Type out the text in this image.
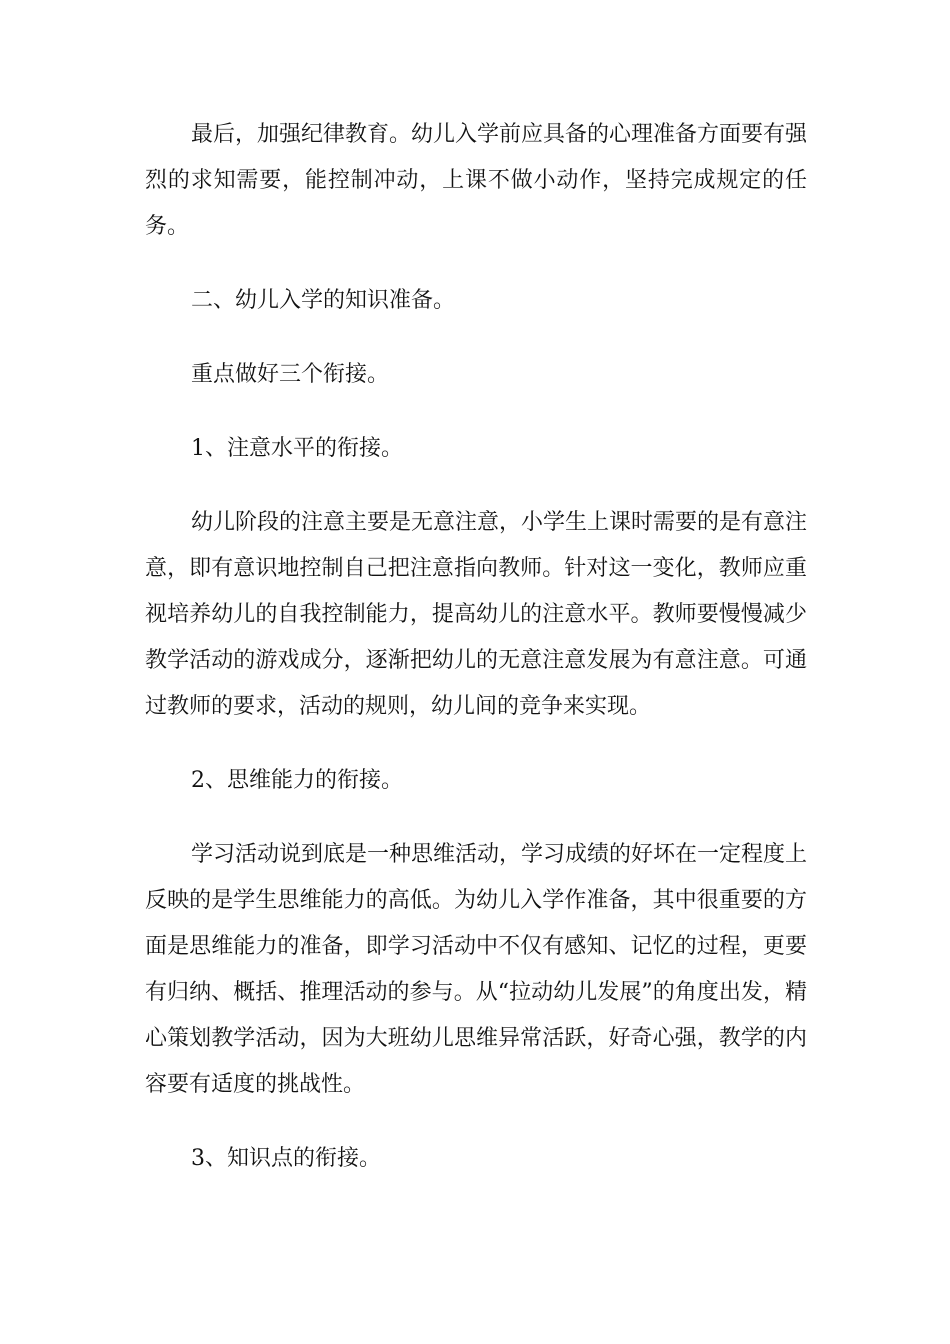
最后，加强纪律教育。幼儿入学前应具备的心理准备方面要有强烈的求知需要，能控制冲动，上课不做小动作，坚持完成规定的任务。

二、幼儿入学的知识准备。

重点做好三个衔接。

1、注意水平的衔接。

幼儿阶段的注意主要是无意注意，小学生上课时需要的是有意注意，即有意识地控制自己把注意指向教师。针对这一变化，教师应重视培养幼儿的自我控制能力，提高幼儿的注意水平。教师要慢慢减少教学活动的游戏成分，逐渐把幼儿的无意注意发展为有意注意。可通过教师的要求，活动的规则，幼儿间的竞争来实现。

2、思维能力的衔接。

学习活动说到底是一种思维活动，学习成绩的好坏在一定程度上反映的是学生思维能力的高低。为幼儿入学作准备，其中很重要的方面是思维能力的准备，即学习活动中不仅有感知、记忆的过程，更要有归纳、概括、推理活动的参与。从“拉动幼儿发展”的角度出发，精心策划教学活动，因为大班幼儿思维异常活跃，好奇心强，教学的内容要有适度的挑战性。

3、知识点的衔接。
